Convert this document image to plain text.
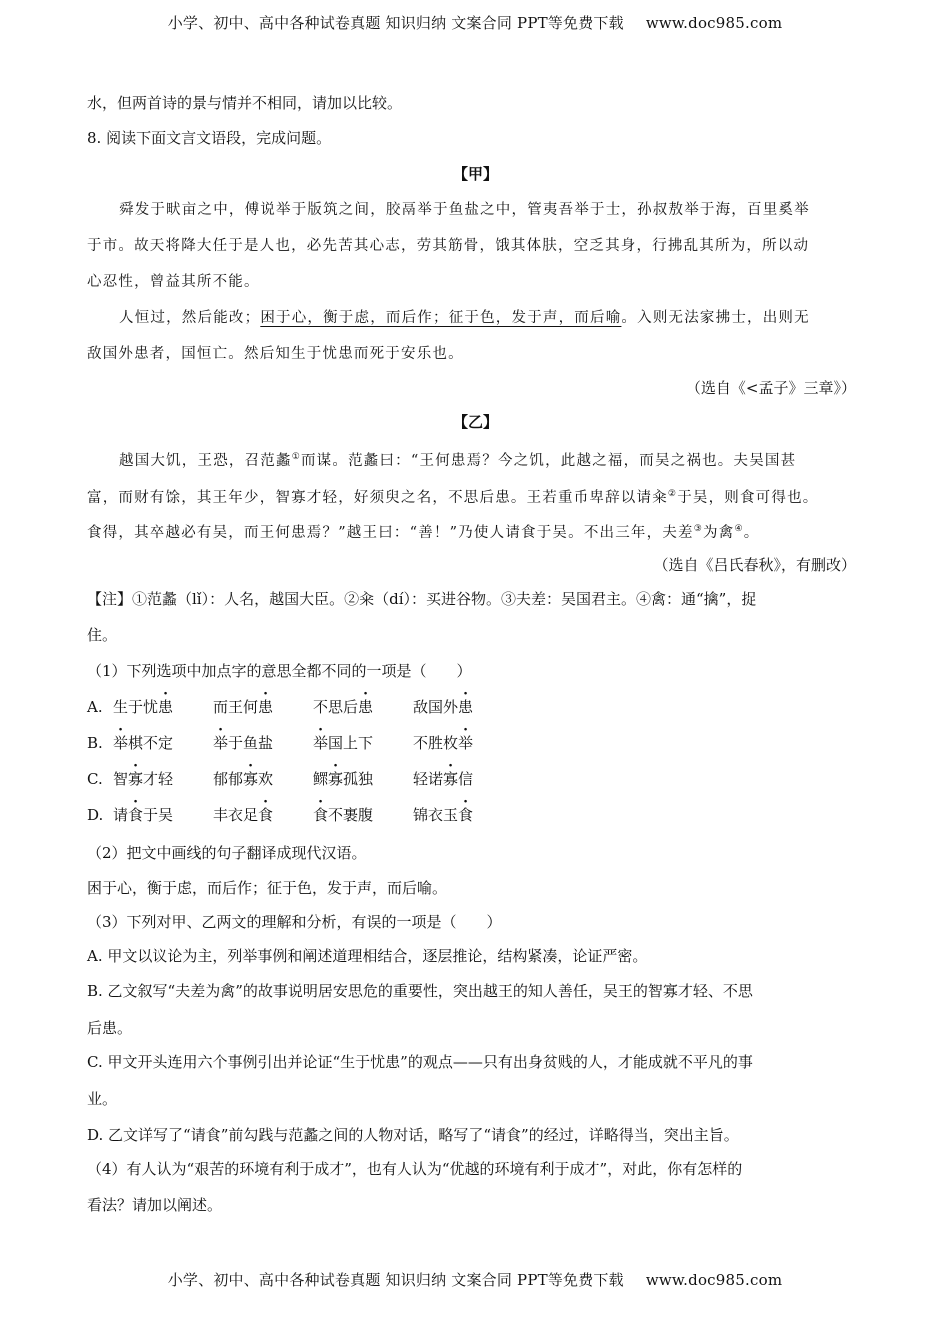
小学、初中、高中各种试卷真题 知识归纳 文案合同 PPT等免费下载 www.doc985.com
水，但两首诗的景与情并不相同，请加以比较。
8. 阅读下面文言文语段，完成问题。
【甲】
舜发于畎亩之中，傅说举于版筑之间，胶鬲举于鱼盐之中，管夷吾举于士，孙叔敖举于海，百里奚举
于市。故天将降大任于是人也，必先苦其心志，劳其筋骨，饿其体肤，空乏其身，行拂乱其所为，所以动
心忍性，曾益其所不能。
人恒过，然后能改；困于心，衡于虑，而后作；征于色，发于声，而后喻。入则无法家拂士，出则无
敌国外患者，国恒亡。然后知生于忧患而死于安乐也。
（选自《<孟子》三章》）
【乙】
越国大饥，王恐，召范蠡①而谋。范蠡曰：“王何患焉？今之饥，此越之福，而吴之祸也。夫吴国甚
富，而财有馀，其王年少，智寡才轻，好须臾之名，不思后患。王若重币卑辞以请籴②于吴，则食可得也。
食得，其卒越必有吴，而王何患焉？”越王曰：“善！”乃使人请食于吴。不出三年，夫差③为禽④。
（选自《吕氏春秋》，有删改）
【注】①范蠡（lǐ）：人名，越国大臣。②籴（dí）：买进谷物。③夫差：吴国君主。④禽：通“擒”，捉
住。
（1）下列选项中加点字的意思全都不同的一项是（　　）
A. 生于忧患	而王何患	不思后患	敌国外患
B. 举棋不定	举于鱼盐	举国上下	不胜枚举
C. 智寡才轻	郁郁寡欢	鳏寡孤独	轻诺寡信
D. 请食于吴	丰衣足食	食不裹腹	锦衣玉食
（2）把文中画线的句子翻译成现代汉语。
困于心，衡于虑，而后作；征于色，发于声，而后喻。
（3）下列对甲、乙两文的理解和分析，有误的一项是（　　）
A. 甲文以议论为主，列举事例和阐述道理相结合，逐层推论，结构紧凑，论证严密。
B. 乙文叙写“夫差为禽”的故事说明居安思危的重要性，突出越王的知人善任，吴王的智寡才轻、不思
后患。
C. 甲文开头连用六个事例引出并论证“生于忧患”的观点——只有出身贫贱的人，才能成就不平凡的事
业。
D. 乙文详写了“请食”前勾践与范蠡之间的人物对话，略写了“请食”的经过，详略得当，突出主旨。
（4）有人认为“艰苦的环境有利于成才”，也有人认为“优越的环境有利于成才”，对此，你有怎样的
看法？请加以阐述。
小学、初中、高中各种试卷真题 知识归纳 文案合同 PPT等免费下载 www.doc985.com
